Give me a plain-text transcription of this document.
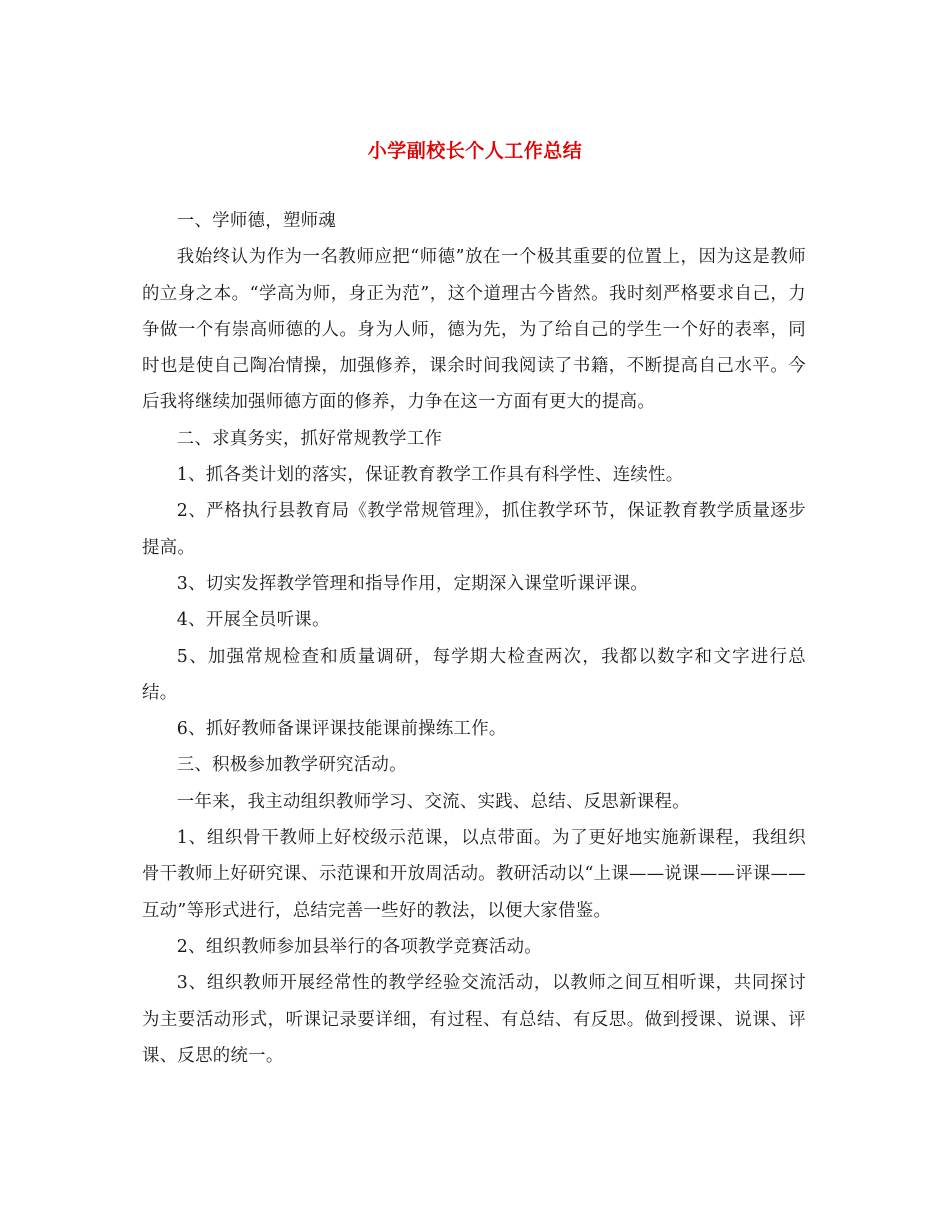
小学副校长个人工作总结

一、学师德，塑师魂

我始终认为作为一名教师应把“师德”放在一个极其重要的位置上，因为这是教师的立身之本。“学高为师，身正为范”，这个道理古今皆然。我时刻严格要求自己，力争做一个有崇高师德的人。身为人师，德为先，为了给自己的学生一个好的表率，同时也是使自己陶冶情操，加强修养，课余时间我阅读了书籍，不断提高自己水平。今后我将继续加强师德方面的修养，力争在这一方面有更大的提高。

二、求真务实，抓好常规教学工作

1、抓各类计划的落实，保证教育教学工作具有科学性、连续性。

2、严格执行县教育局《教学常规管理》，抓住教学环节，保证教育教学质量逐步提高。

3、切实发挥教学管理和指导作用，定期深入课堂听课评课。

4、开展全员听课。

5、加强常规检查和质量调研，每学期大检查两次，我都以数字和文字进行总结。

6、抓好教师备课评课技能课前操练工作。

三、积极参加教学研究活动。

一年来，我主动组织教师学习、交流、实践、总结、反思新课程。

1、组织骨干教师上好校级示范课，以点带面。为了更好地实施新课程，我组织骨干教师上好研究课、示范课和开放周活动。教研活动以“上课——说课——评课——互动”等形式进行，总结完善一些好的教法，以便大家借鉴。

2、组织教师参加县举行的各项教学竞赛活动。

3、组织教师开展经常性的教学经验交流活动，以教师之间互相听课，共同探讨为主要活动形式，听课记录要详细，有过程、有总结、有反思。做到授课、说课、评课、反思的统一。
